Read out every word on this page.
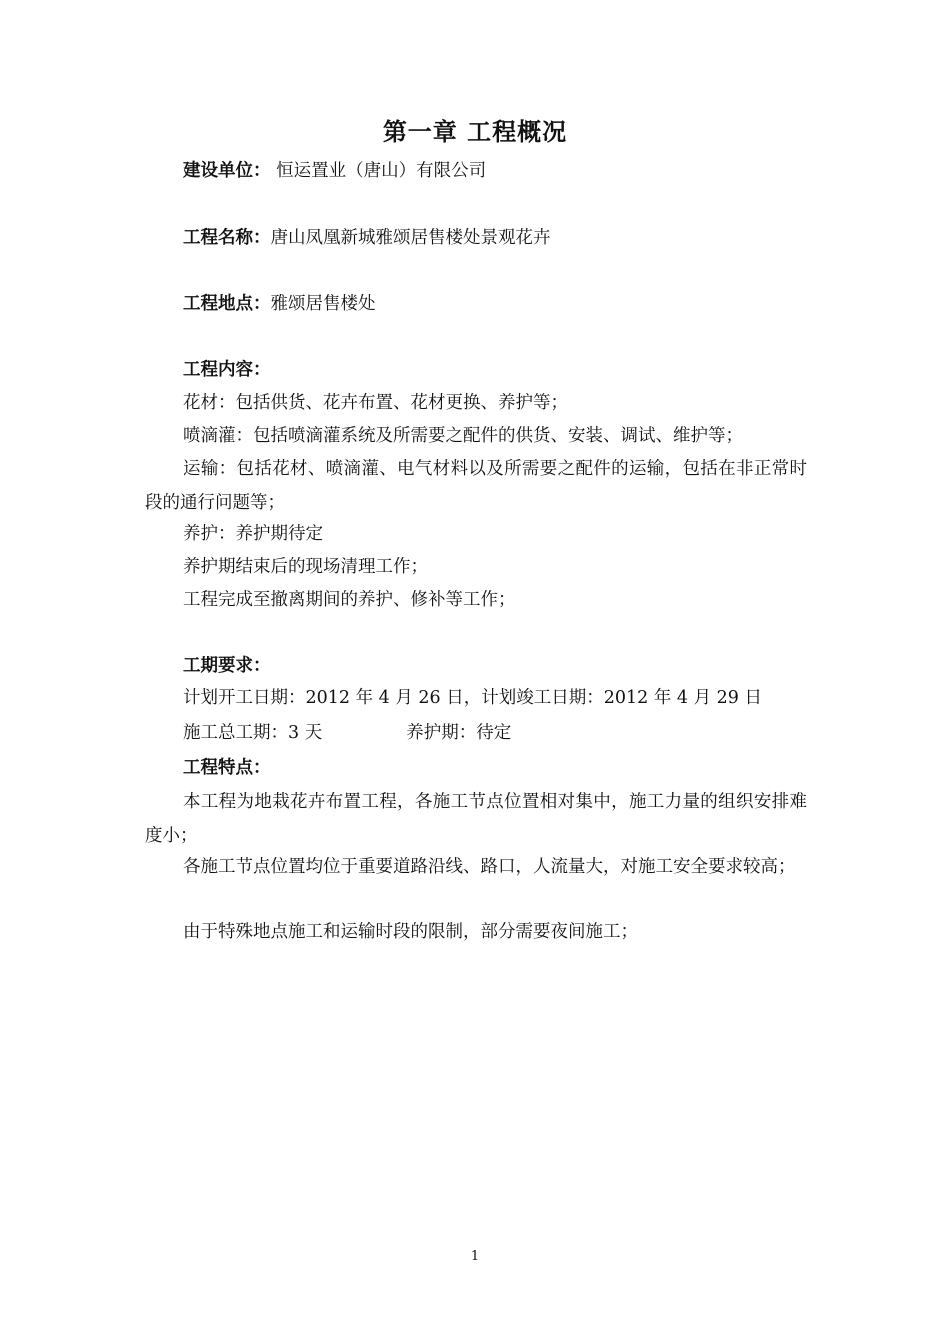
第一章 工程概况
建设单位： 恒运置业（唐山）有限公司
工程名称：唐山凤凰新城雅颂居售楼处景观花卉
工程地点：雅颂居售楼处
工程内容：
花材：包括供货、花卉布置、花材更换、养护等；
喷滴灌：包括喷滴灌系统及所需要之配件的供货、安装、调试、维护等；
运输：包括花材、喷滴灌、电气材料以及所需要之配件的运输，包括在非正常时段的通行问题等；
养护：养护期待定
养护期结束后的现场清理工作；
工程完成至撤离期间的养护、修补等工作；
工期要求：
计划开工日期：2012 年 4 月 26 日，计划竣工日期：2012 年 4 月 29 日
施工总工期：3 天	养护期：待定
工程特点：
本工程为地栽花卉布置工程，各施工节点位置相对集中，施工力量的组织安排难度小；
各施工节点位置均位于重要道路沿线、路口，人流量大，对施工安全要求较高；
由于特殊地点施工和运输时段的限制，部分需要夜间施工；
1
